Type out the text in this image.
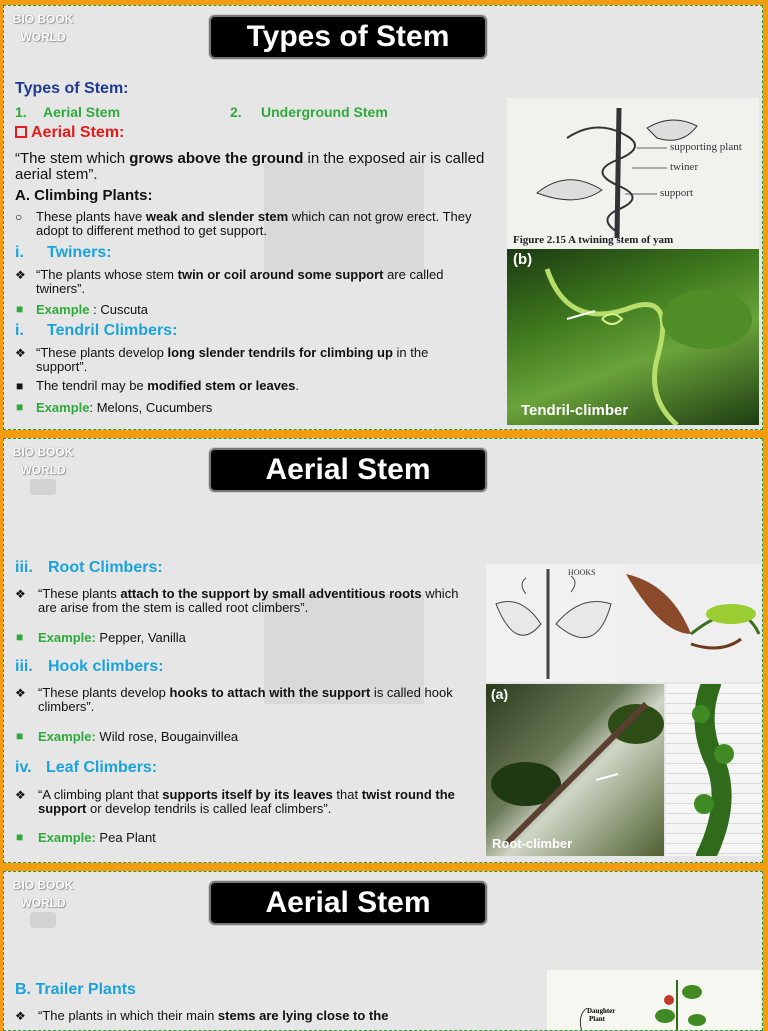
BIO BOOK
WORLD	Types of Stem
Types of Stem:
1. Aerial Stem	2. Underground Stem
Aerial Stem:
“The stem which grows above the ground in the exposed air is called aerial stem”.
A. Climbing Plants:
○ These plants have weak and slender stem which can not grow erect. They adopt to different method to get support.
i. Twiners:
❖ “The plants whose stem twin or coil around some support are called twiners”.
■ Example : Cuscuta
i. Tendril Climbers:
❖ “These plants develop long slender tendrils for climbing up in the support”.
■ The tendril may be modified stem or leaves.
■ Example: Melons, Cucumbers
supporting plant
twiner
support
Figure 2.15 A twining stem of yam
(b)
Tendril-climber
BIO BOOK
WORLD	Aerial Stem
iii. Root Climbers:
❖ “These plants attach to the support by small adventitious roots which are arise from the stem is called root climbers”.
■ Example: Pepper, Vanilla
iii. Hook climbers:
❖ “These plants develop hooks to attach with the support is called hook climbers”.
■ Example: Wild rose, Bougainvillea
iv. Leaf Climbers:
❖ “A climbing plant that supports itself by its leaves that twist round the support or develop tendrils is called leaf climbers”.
■ Example: Pea Plant
HOOKS
(a)
Root-climber
BIO BOOK
WORLD	Aerial Stem
B. Trailer Plants
❖ “The plants in which their main stems are lying close to the	Daughter
Plant
